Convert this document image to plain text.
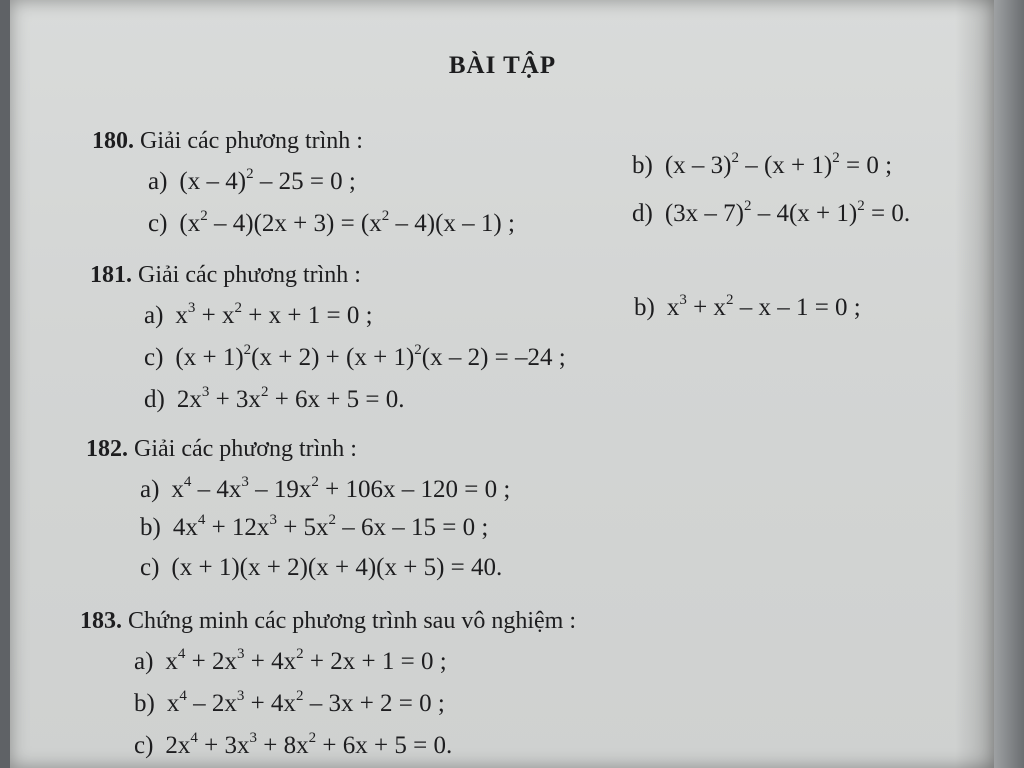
BÀI TẬP
180. Giải các phương trình :
a) (x – 4)$^2$ – 25 = 0 ;
b) $(x - 3)^2 - (x + 1)^2 = 0$ ;
c) $(x^2 - 4)(2x + 3) = (x^2 - 4)(x - 1)$ ;	d) $(3x - 7)^2 - 4(x + 1)^2 = 0$.
181. Giải các phương trình :
a) $x^3 + x^2 + x + 1 = 0$ ;	b) $x^3 + x^2 - x - 1 = 0$ ;
c) $(x + 1)^2(x + 2) + (x + 1)^2(x - 2) = -24$ ;
d) $2x^3 + 3x^2 + 6x + 5 = 0$.
182. Giải các phương trình :
a) $x^4 - 4x^3 - 19x^2 + 106x - 120 = 0$ ;
b) $4x^4 + 12x^3 + 5x^2 - 6x - 15 = 0$ ;
c) (x + 1)(x + 2)(x + 4)(x + 5) = 40.
183. Chứng minh các phương trình sau vô nghiệm :
a) $x^4 + 2x^3 + 4x^2 + 2x + 1 = 0$ ;
b) $x^4 - 2x^3 + 4x^2 - 3x + 2 = 0$ ;
c) $2x^4 + 3x^3 + 8x^2 + 6x + 5 = 0$.
